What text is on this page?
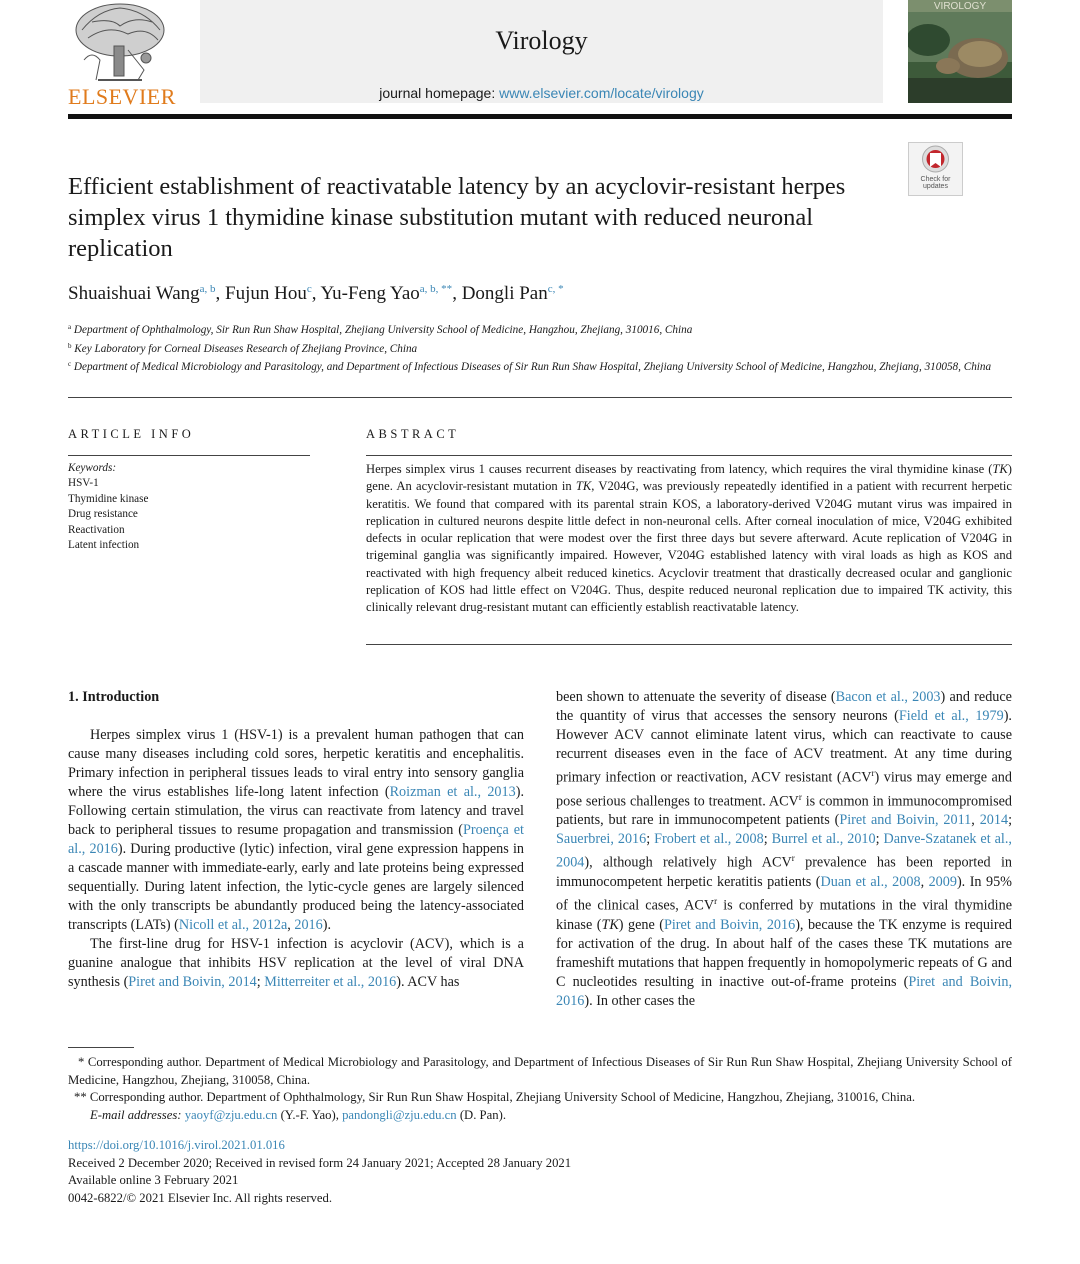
ELSEVIER
Virology
journal homepage: www.elsevier.com/locate/virology
VIROLOGY
Check for updates
Efficient establishment of reactivatable latency by an acyclovir-resistant herpes simplex virus 1 thymidine kinase substitution mutant with reduced neuronal replication
Shuaishuai Wang$^{a, b}$, Fujun Hou$^c$, Yu-Feng Yao$^{a, b, **}$, Dongli Pan$^{c, *}$
$^a$ Department of Ophthalmology, Sir Run Run Shaw Hospital, Zhejiang University School of Medicine, Hangzhou, Zhejiang, 310016, China
$^b$ Key Laboratory for Corneal Diseases Research of Zhejiang Province, China
$^c$ Department of Medical Microbiology and Parasitology, and Department of Infectious Diseases of Sir Run Run Shaw Hospital, Zhejiang University School of Medicine, Hangzhou, Zhejiang, 310058, China
ARTICLE INFO	ABSTRACT
Keywords:
HSV-1
Thymidine kinase
Drug resistance
Reactivation
Latent infection
Herpes simplex virus 1 causes recurrent diseases by reactivating from latency, which requires the viral thymidine kinase (TK) gene. An acyclovir-resistant mutation in TK, V204G, was previously repeatedly identified in a patient with recurrent herpetic keratitis. We found that compared with its parental strain KOS, a laboratory-derived V204G mutant virus was impaired in replication in cultured neurons despite little defect in non-neuronal cells. After corneal inoculation of mice, V204G exhibited defects in ocular replication that were modest over the first three days but severe afterward. Acute replication of V204G in trigeminal ganglia was significantly impaired. However, V204G established latency with viral loads as high as KOS and reactivated with high frequency albeit reduced kinetics. Acyclovir treatment that drastically decreased ocular and ganglionic replication of KOS had little effect on V204G. Thus, despite reduced neuronal replication due to impaired TK activity, this clinically relevant drug-resistant mutant can efficiently establish reactivatable latency.

1. Introduction

Herpes simplex virus 1 (HSV-1) is a prevalent human pathogen that can cause many diseases including cold sores, herpetic keratitis and encephalitis. Primary infection in peripheral tissues leads to viral entry into sensory ganglia where the virus establishes life-long latent infection (Roizman et al., 2013). Following certain stimulation, the virus can reactivate from latency and travel back to peripheral tissues to resume propagation and transmission (Proença et al., 2016). During productive (lytic) infection, viral gene expression happens in a cascade manner with immediate-early, early and late proteins being expressed sequentially. During latent infection, the lytic-cycle genes are largely silenced with the only transcripts be abundantly produced being the latency-associated transcripts (LATs) (Nicoll et al., 2012a, 2016).

The first-line drug for HSV-1 infection is acyclovir (ACV), which is a guanine analogue that inhibits HSV replication at the level of viral DNA synthesis (Piret and Boivin, 2014; Mitterreiter et al., 2016). ACV has

been shown to attenuate the severity of disease (Bacon et al., 2003) and reduce the quantity of virus that accesses the sensory neurons (Field et al., 1979). However ACV cannot eliminate latent virus, which can reactivate to cause recurrent diseases even in the face of ACV treatment. At any time during primary infection or reactivation, ACV resistant (ACV$^r$) virus may emerge and pose serious challenges to treatment. ACV$^r$ is common in immunocompromised patients, but rare in immunocompetent patients (Piret and Boivin, 2011, 2014; Sauerbrei, 2016; Frobert et al., 2008; Burrel et al., 2010; Danve-Szatanek et al., 2004), although relatively high ACV$^r$ prevalence has been reported in immunocompetent herpetic keratitis patients (Duan et al., 2008, 2009). In 95% of the clinical cases, ACV$^r$ is conferred by mutations in the viral thymidine kinase (TK) gene (Piret and Boivin, 2016), because the TK enzyme is required for activation of the drug. In about half of the cases these TK mutations are frameshift mutations that happen frequently in homopolymeric repeats of G and C nucleotides resulting in inactive out-of-frame proteins (Piret and Boivin, 2016). In other cases the

* Corresponding author. Department of Medical Microbiology and Parasitology, and Department of Infectious Diseases of Sir Run Run Shaw Hospital, Zhejiang University School of Medicine, Hangzhou, Zhejiang, 310058, China.

** Corresponding author. Department of Ophthalmology, Sir Run Run Shaw Hospital, Zhejiang University School of Medicine, Hangzhou, Zhejiang, 310016, China.

E-mail addresses: yaoyf@zju.edu.cn (Y.-F. Yao), pandongli@zju.edu.cn (D. Pan).

https://doi.org/10.1016/j.virol.2021.01.016

Received 2 December 2020; Received in revised form 24 January 2021; Accepted 28 January 2021

Available online 3 February 2021

0042-6822/© 2021 Elsevier Inc. All rights reserved.
